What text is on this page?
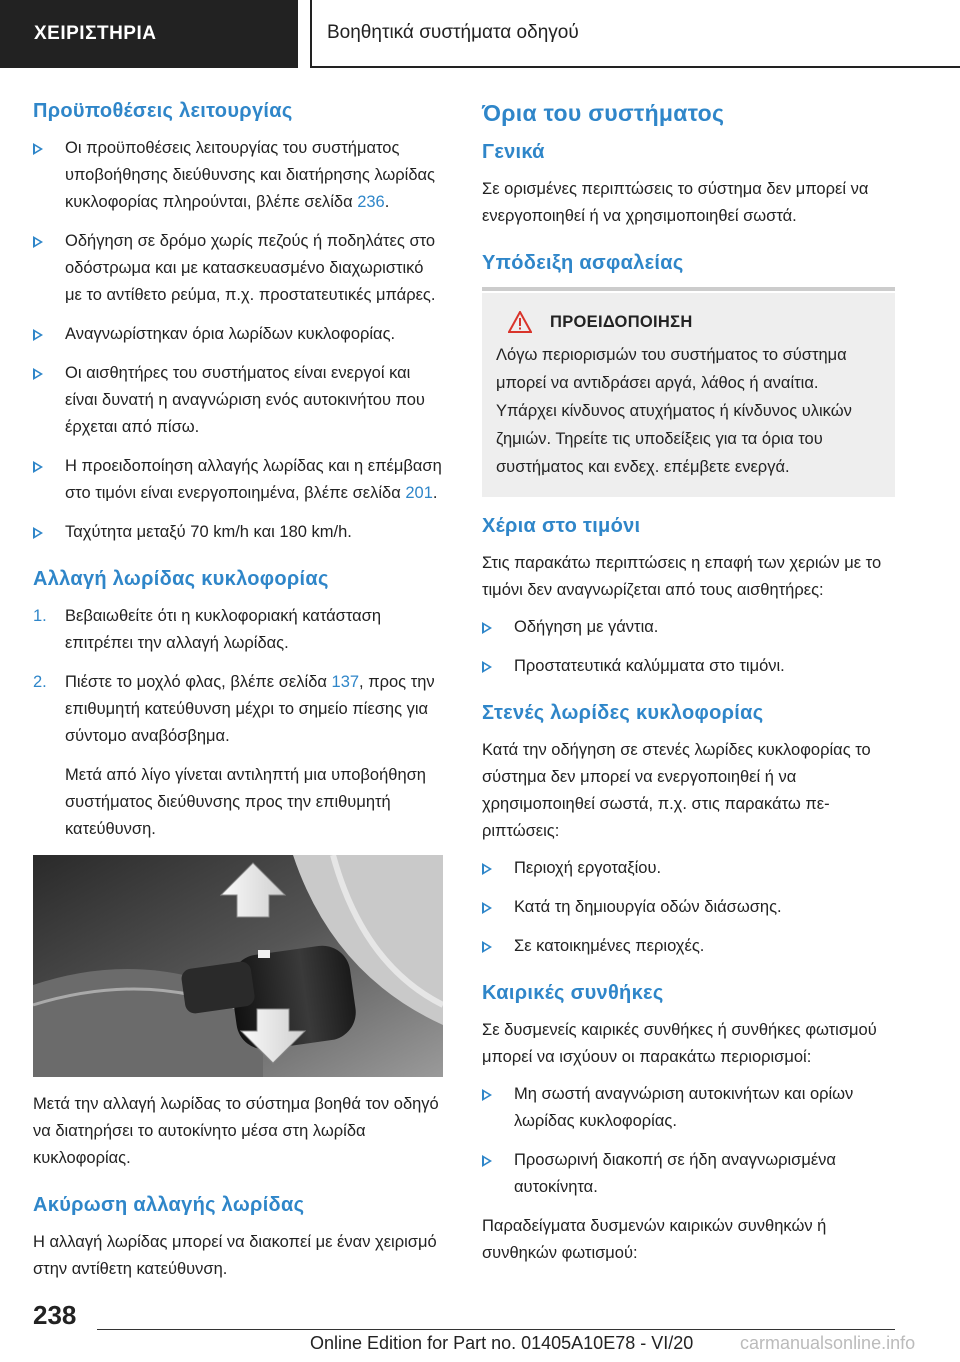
ΧΕΙΡΙΣΤΗΡΙΑ	Βοηθητικά συστήματα οδηγού
Προϋποθέσεις λειτουργίας
Οι προϋποθέσεις λειτουργίας του συστήματος υποβοήθησης διεύθυνσης και διατήρησης λωρίδας κυκλοφορίας πληρούνται, βλέπε σελίδα 236.
Οδήγηση σε δρόμο χωρίς πεζούς ή ποδηλάτες στο οδόστρωμα και με κατασκευασμένο διαχωριστικό με το αντίθετο ρεύμα, π.χ. προστατευτικές μπάρες.
Αναγνωρίστηκαν όρια λωρίδων κυκλοφορίας.
Οι αισθητήρες του συστήματος είναι ενεργοί και είναι δυνατή η αναγνώριση ενός αυτοκινήτου που έρχεται από πίσω.
Η προειδοποίηση αλλαγής λωρίδας και η επέμβαση στο τιμόνι είναι ενεργοποιημένα, βλέπε σελίδα 201.
Ταχύτητα μεταξύ 70 km/h και 180 km/h.
Αλλαγή λωρίδας κυκλοφορίας
1. Βεβαιωθείτε ότι η κυκλοφοριακή κατάσταση επιτρέπει την αλλαγή λωρίδας.
2. Πιέστε το μοχλό φλας, βλέπε σελίδα 137, προς την επιθυμητή κατεύθυνση μέχρι το σημείο πίεσης για σύντομο αναβόσβημα.

Μετά από λίγο γίνεται αντιληπτή μια υποβοήθηση συστήματος διεύθυνσης προς την επιθυμητή κατεύθυνση.

Μετά την αλλαγή λωρίδας το σύστημα βοηθά τον οδηγό να διατηρήσει το αυτοκίνητο μέσα στη λωρίδα κυκλοφορίας.

Ακύρωση αλλαγής λωρίδας

Η αλλαγή λωρίδας μπορεί να διακοπεί με έναν χειρισμό στην αντίθετη κατεύθυνση.

Όρια του συστήματος
Γενικά

Σε ορισμένες περιπτώσεις το σύστημα δεν μπορεί να ενεργοποιηθεί ή να χρησιμοποιηθεί σωστά.

Υπόδειξη ασφαλείας
ΠΡΟΕΙΔΟΠΟΙΗΣΗ

Λόγω περιορισμών του συστήματος το σύστημα μπορεί να αντιδράσει αργά, λάθος ή αναίτια. Υπάρχει κίνδυνος ατυχήματος ή κίνδυνος υλικών ζημιών. Τηρείτε τις υποδείξεις για τα όρια του συστήματος και ενδεχ. επέμβετε ενεργά.

Χέρια στο τιμόνι

Στις παρακάτω περιπτώσεις η επαφή των χεριών με το τιμόνι δεν αναγνωρίζεται από τους αισθητήρες:

Οδήγηση με γάντια.
Προστατευτικά καλύμματα στο τιμόνι.
Στενές λωρίδες κυκλοφορίας

Κατά την οδήγηση σε στενές λωρίδες κυκλοφορίας το σύστημα δεν μπορεί να ενεργοποιηθεί ή να χρησιμοποιηθεί σωστά, π.χ. στις παρακάτω περιπτώσεις:

Περιοχή εργοταξίου.
Κατά τη δημιουργία οδών διάσωσης.
Σε κατοικημένες περιοχές.
Καιρικές συνθήκες

Σε δυσμενείς καιρικές συνθήκες ή συνθήκες φωτισμού μπορεί να ισχύουν οι παρακάτω περιορισμοί:

Μη σωστή αναγνώριση αυτοκινήτων και ορίων λωρίδας κυκλοφορίας.
Προσωρινή διακοπή σε ήδη αναγνωρισμένα αυτοκίνητα.

Παραδείγματα δυσμενών καιρικών συνθηκών ή συνθηκών φωτισμού:

238
Online Edition for Part no. 01405A10E78 - VI/20	carmanualsonline.info
